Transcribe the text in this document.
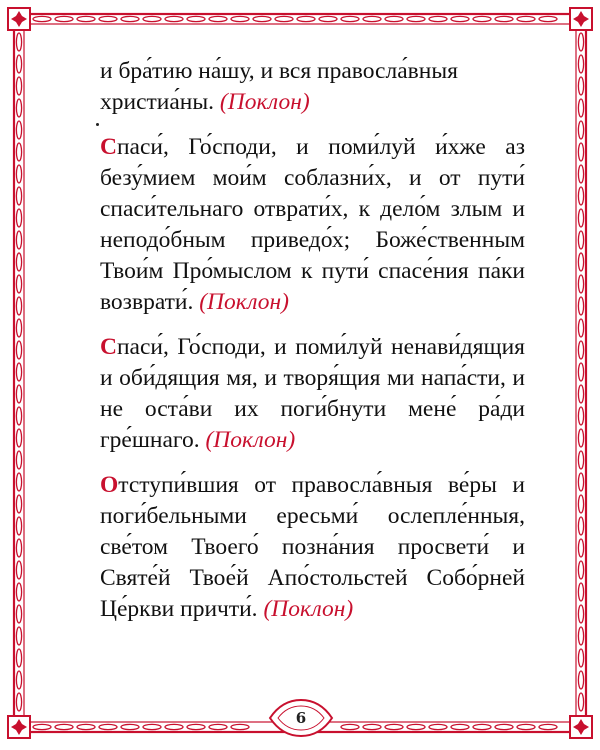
и бра́тию на́шу, и вся правосла́вныя христиа́ны. (Поклон)

Спаси́, Го́споди, и поми́луй и́хже аз безу́мием мои́м соблазни́х, и от пути́ спаси́тельнаго отврати́х, к дело́м злым и неподо́бным приведо́х; Боже́ственным Твои́м Про́мыслом к пути́ спасе́ния па́ки возврати́. (Поклон)

Спаси́, Го́споди, и поми́луй ненави́дящия и оби́дящия мя, и творя́щия ми напа́сти, и не оста́ви их поги́бнути мене́ ра́ди гре́шнаго. (Поклон)

Отступи́вшия от правосла́вныя ве́ры и поги́бельными ересьми́ ослепле́нныя, све́том Твоего́ позна́ния просвети́ и Святе́й Твое́й Апо́стольстей Собо́рней Це́ркви причти́. (Поклон)

6
